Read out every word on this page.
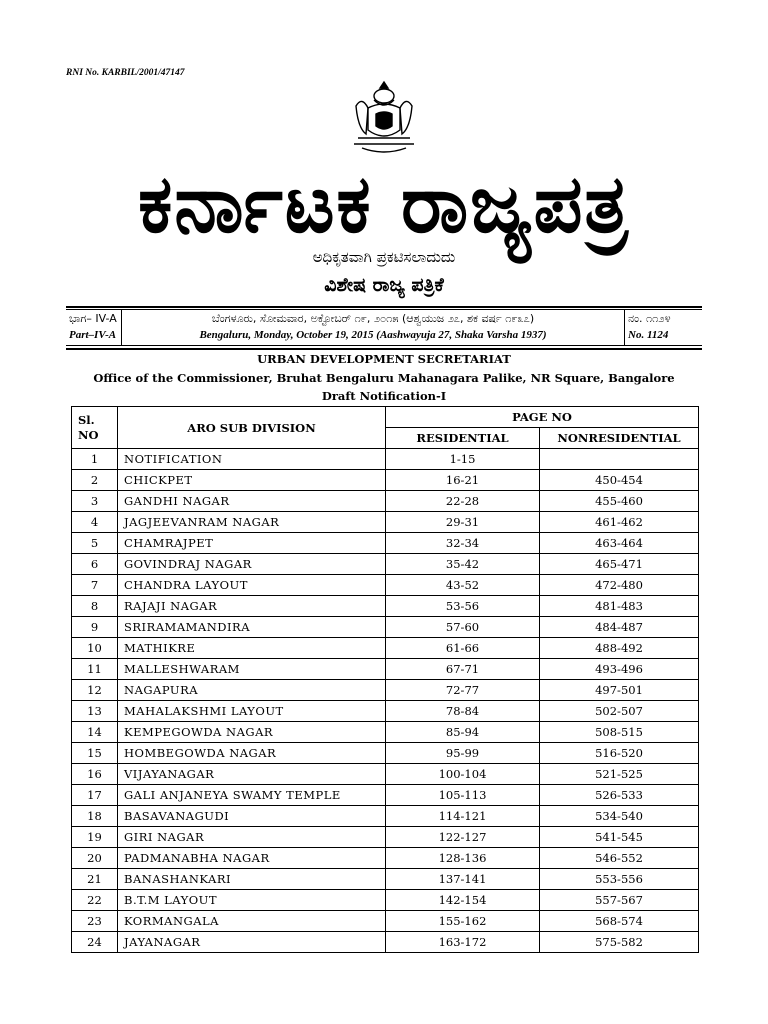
RNI No. KARBIL/2001/47147
ಕರ್ನಾಟಕ ರಾಜ್ಯಪತ್ರ
ಅಧಿಕೃತವಾಗಿ ಪ್ರಕಟಿಸಲಾದುದು
ವಿಶೇಷ ರಾಜ್ಯ ಪತ್ರಿಕೆ
ಭಾಗ– IV-A
Part–IV-A
ಬೆಂಗಳೂರು, ಸೋಮವಾರ, ಅಕ್ಟೋಬರ್ ೧೯, ೨೦೧೫ (ಆಶ್ವಯುಜ ೨೭, ಶಕ ವರ್ಷ ೧೯೩೭)
Bengaluru, Monday, October 19, 2015 (Aashwayuja 27, Shaka Varsha 1937)
ನಂ. ೧೧೨೪
No. 1124
URBAN DEVELOPMENT SECRETARIAT
Office of the Commissioner, Bruhat Bengaluru Mahanagara Palike, NR Square, Bangalore
Draft Notification-I
Sl.
NO	ARO SUB DIVISION	PAGE NO	
		RESIDENTIAL	NONRESIDENTIAL
1	NOTIFICATION	1-15	
2	CHICKPET	16-21	450-454
3	GANDHI NAGAR	22-28	455-460
4	JAGJEEVANRAM NAGAR	29-31	461-462
5	CHAMRAJPET	32-34	463-464
6	GOVINDRAJ NAGAR	35-42	465-471
7	CHANDRA LAYOUT	43-52	472-480
8	RAJAJI NAGAR	53-56	481-483
9	SRIRAMAMANDIRA	57-60	484-487
10	MATHIKRE	61-66	488-492
11	MALLESHWARAM	67-71	493-496
12	NAGAPURA	72-77	497-501
13	MAHALAKSHMI LAYOUT	78-84	502-507
14	KEMPEGOWDA NAGAR	85-94	508-515
15	HOMBEGOWDA NAGAR	95-99	516-520
16	VIJAYANAGAR	100-104	521-525
17	GALI ANJANEYA SWAMY TEMPLE	105-113	526-533
18	BASAVANAGUDI	114-121	534-540
19	GIRI NAGAR	122-127	541-545
20	PADMANABHA NAGAR	128-136	546-552
21	BANASHANKARI	137-141	553-556
22	B.T.M LAYOUT	142-154	557-567
23	KORMANGALA	155-162	568-574
24	JAYANAGAR	163-172	575-582
